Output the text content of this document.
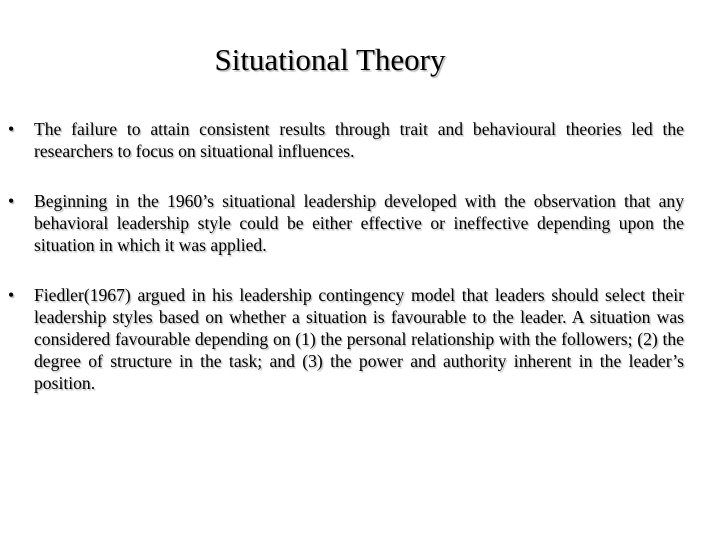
Situational Theory
•	The failure to attain consistent results through trait and behavioural theories led the researchers to focus on situational influences.
•	Beginning in the 1960’s situational leadership developed with the observation that any behavioral leadership style could be either effective or ineffective depending upon the situation in which it was applied.
•	Fiedler(1967) argued in his leadership contingency model that leaders should select their leadership styles based on whether a situation is favourable to the leader. A situation was considered favourable depending on (1) the personal relationship with the followers; (2) the degree of structure in the task; and (3) the power and authority inherent in the leader’s position.
